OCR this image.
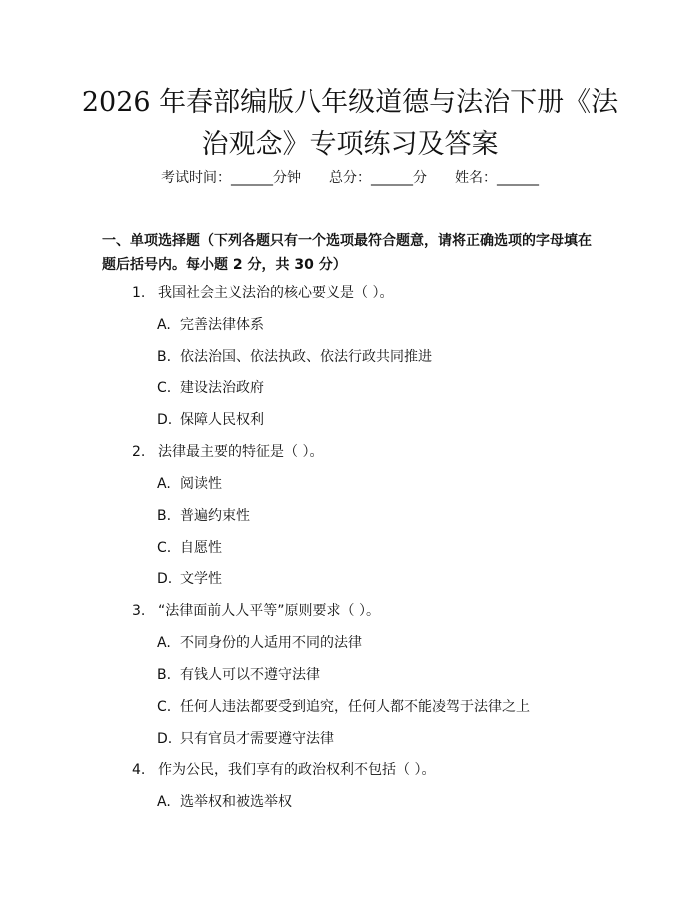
2026 年春部编版八年级道德与法治下册《法
治观念》专项练习及答案
考试时间：______分钟 总分：______分 姓名：______
一、单项选择题（下列各题只有一个选项最符合题意，请将正确选项的字母填在
题后括号内。每小题 2 分，共 30 分）
1. 我国社会主义法治的核心要义是（ ）。
A. 完善法律体系
B. 依法治国、依法执政、依法行政共同推进
C. 建设法治政府
D. 保障人民权利
2. 法律最主要的特征是（ ）。
A. 阅读性
B. 普遍约束性
C. 自愿性
D. 文学性
3. “法律面前人人平等”原则要求（ ）。
A. 不同身份的人适用不同的法律
B. 有钱人可以不遵守法律
C. 任何人违法都要受到追究，任何人都不能凌驾于法律之上
D. 只有官员才需要遵守法律
4. 作为公民，我们享有的政治权利不包括（ ）。
A. 选举权和被选举权
